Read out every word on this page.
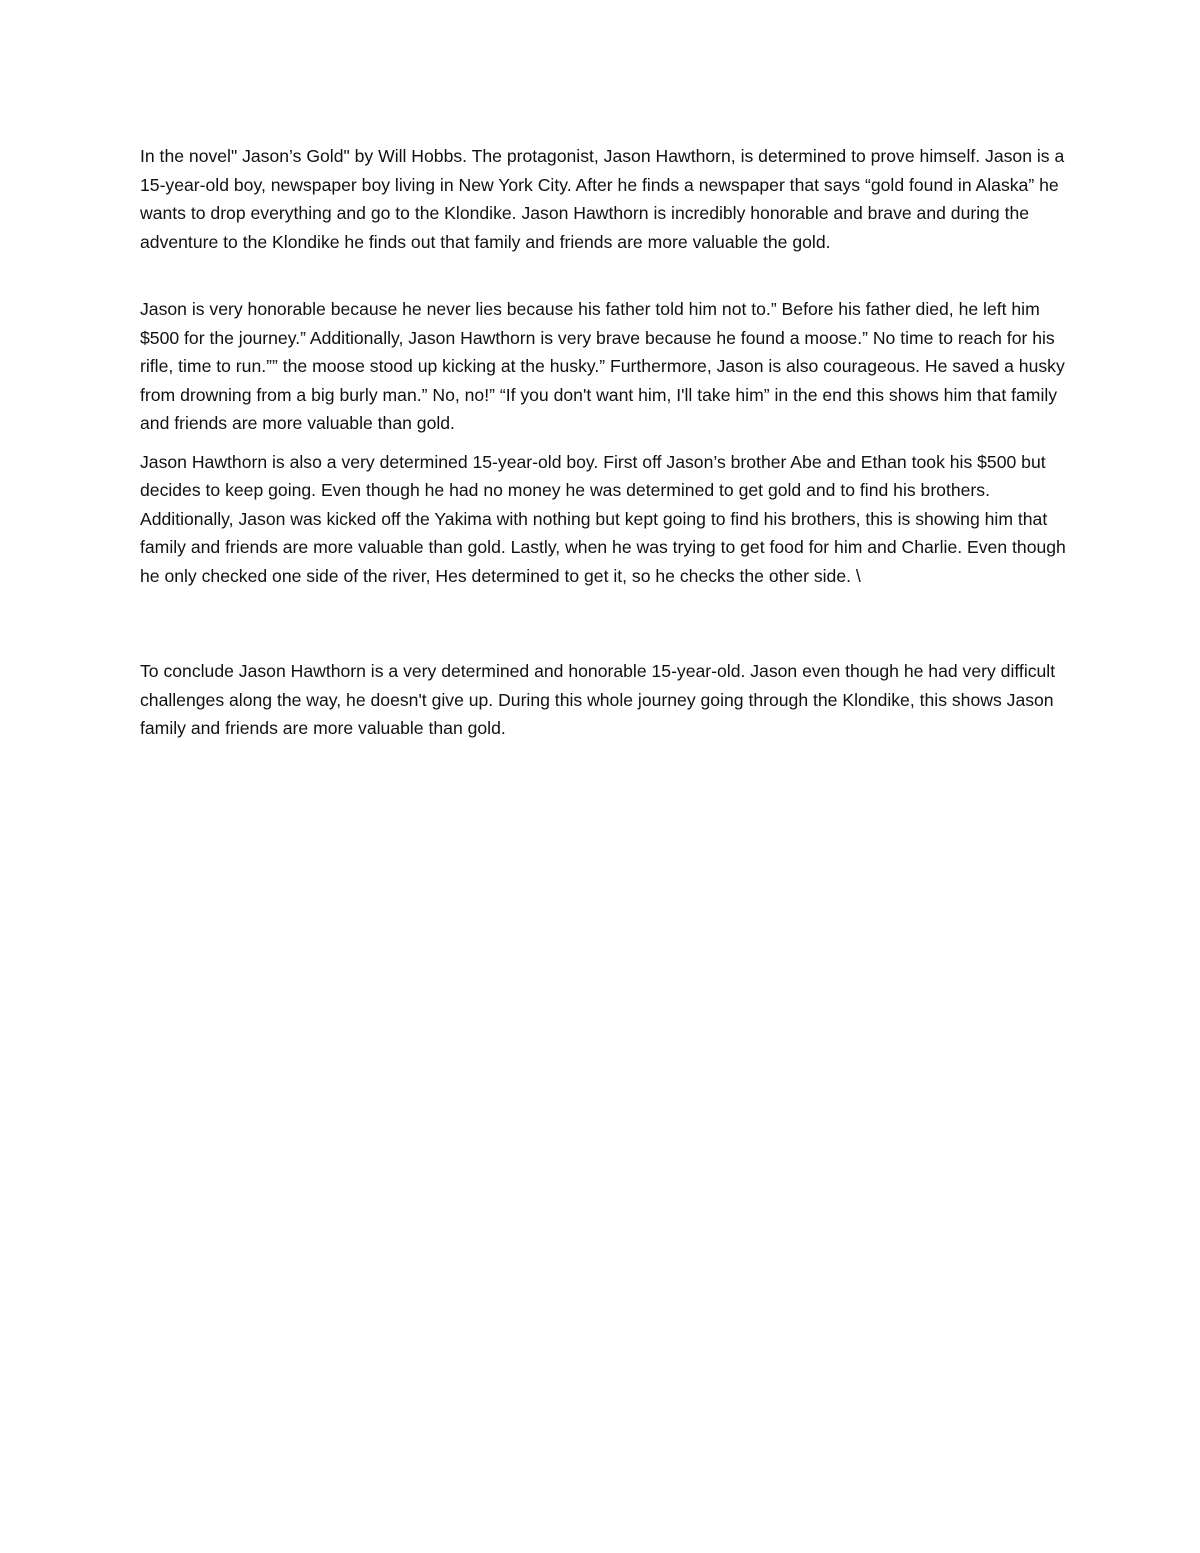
In the novel" Jason’s Gold" by Will Hobbs. The protagonist, Jason Hawthorn, is determined to prove himself. Jason is a 15-year-old boy, newspaper boy living in New York City. After he finds a newspaper that says “gold found in Alaska” he wants to drop everything and go to the Klondike. Jason Hawthorn is incredibly honorable and brave and during the adventure to the Klondike he finds out that family and friends are more valuable the gold.

Jason is very honorable because he never lies because his father told him not to.” Before his father died, he left him $500 for the journey.” Additionally, Jason Hawthorn is very brave because he found a moose.” No time to reach for his rifle, time to run.”” the moose stood up kicking at the husky.” Furthermore, Jason is also courageous. He saved a husky from drowning from a big burly man.” No, no!” “If you don't want him, I'll take him” in the end this shows him that family and friends are more valuable than gold.

Jason Hawthorn is also a very determined 15-year-old boy. First off Jason’s brother Abe and Ethan took his $500 but decides to keep going. Even though he had no money he was determined to get gold and to find his brothers. Additionally, Jason was kicked off the Yakima with nothing but kept going to find his brothers, this is showing him that family and friends are more valuable than gold. Lastly, when he was trying to get food for him and Charlie. Even though he only checked one side of the river, Hes determined to get it, so he checks the other side. \

To conclude Jason Hawthorn is a very determined and honorable 15-year-old. Jason even though he had very difficult challenges along the way, he doesn't give up. During this whole journey going through the Klondike, this shows Jason family and friends are more valuable than gold.
